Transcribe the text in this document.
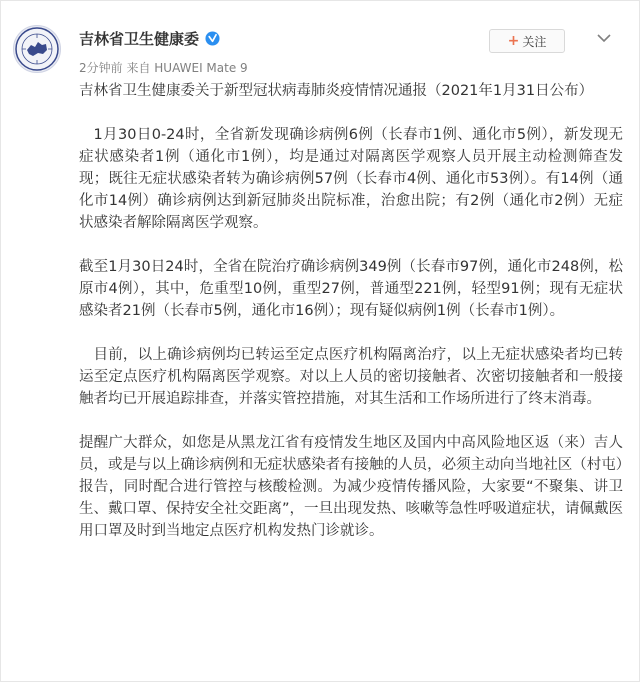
吉林省卫生健康委
2分钟前 来自 HUAWEI Mate 9
+ 关注

吉林省卫生健康委关于新型冠状病毒肺炎疫情情况通报（2021年1月31日公布）

1月30日0-24时，全省新发现确诊病例6例（长春市1例、通化市5例），新发现无症状感染者1例（通化市1例），均是通过对隔离医学观察人员开展主动检测筛查发现；既往无症状感染者转为确诊病例57例（长春市4例、通化市53例）。有14例（通化市14例）确诊病例达到新冠肺炎出院标准，治愈出院；有2例（通化市2例）无症状感染者解除隔离医学观察。

截至1月30日24时，全省在院治疗确诊病例349例（长春市97例，通化市248例，松原市4例），其中，危重型10例，重型27例，普通型221例，轻型91例；现有无症状感染者21例（长春市5例，通化市16例）；现有疑似病例1例（长春市1例）。

目前，以上确诊病例均已转运至定点医疗机构隔离治疗，以上无症状感染者均已转运至定点医疗机构隔离医学观察。对以上人员的密切接触者、次密切接触者和一般接触者均已开展追踪排查，并落实管控措施，对其生活和工作场所进行了终末消毒。

提醒广大群众，如您是从黑龙江省有疫情发生地区及国内中高风险地区返（来）吉人员，或是与以上确诊病例和无症状感染者有接触的人员，必须主动向当地社区（村屯）报告，同时配合进行管控与核酸检测。为减少疫情传播风险，大家要“不聚集、讲卫生、戴口罩、保持安全社交距离”，一旦出现发热、咳嗽等急性呼吸道症状，请佩戴医用口罩及时到当地定点医疗机构发热门诊就诊。
